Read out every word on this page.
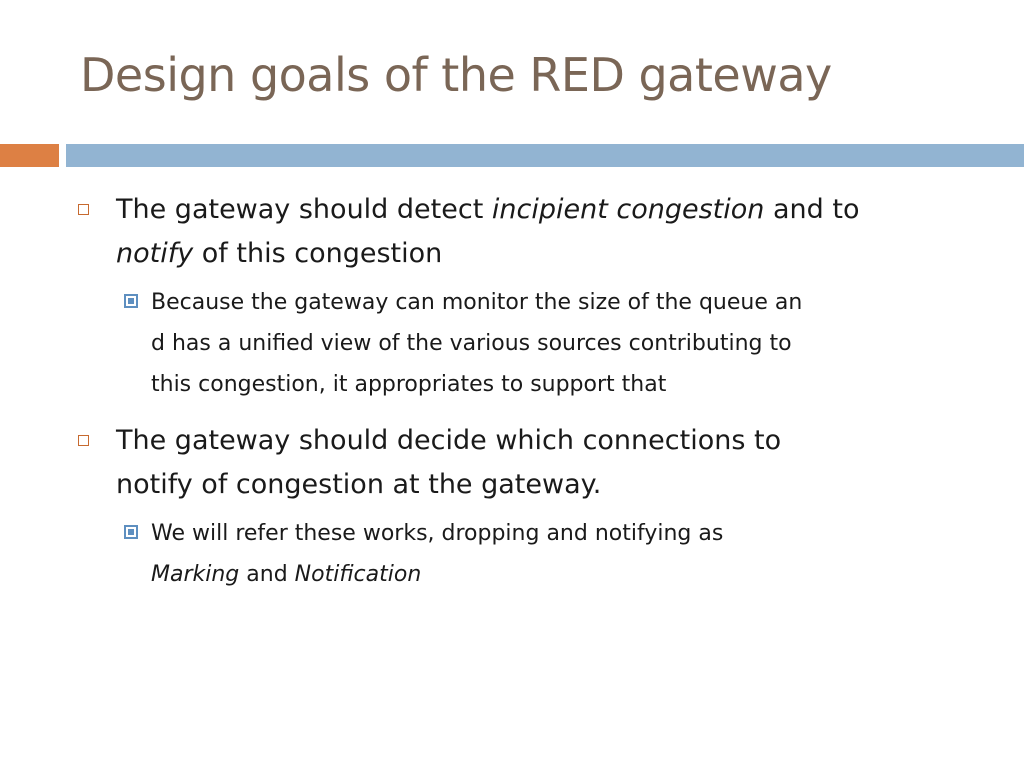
Design goals of the RED gateway
The gateway should detect incipient congestion and to
notify of this congestion
Because the gateway can monitor the size of the queue an
d has a unified view of the various sources contributing to
this congestion, it appropriates to support that
The gateway should decide which connections to
notify of congestion at the gateway.
We will refer these works, dropping and notifying as
Marking and Notification
